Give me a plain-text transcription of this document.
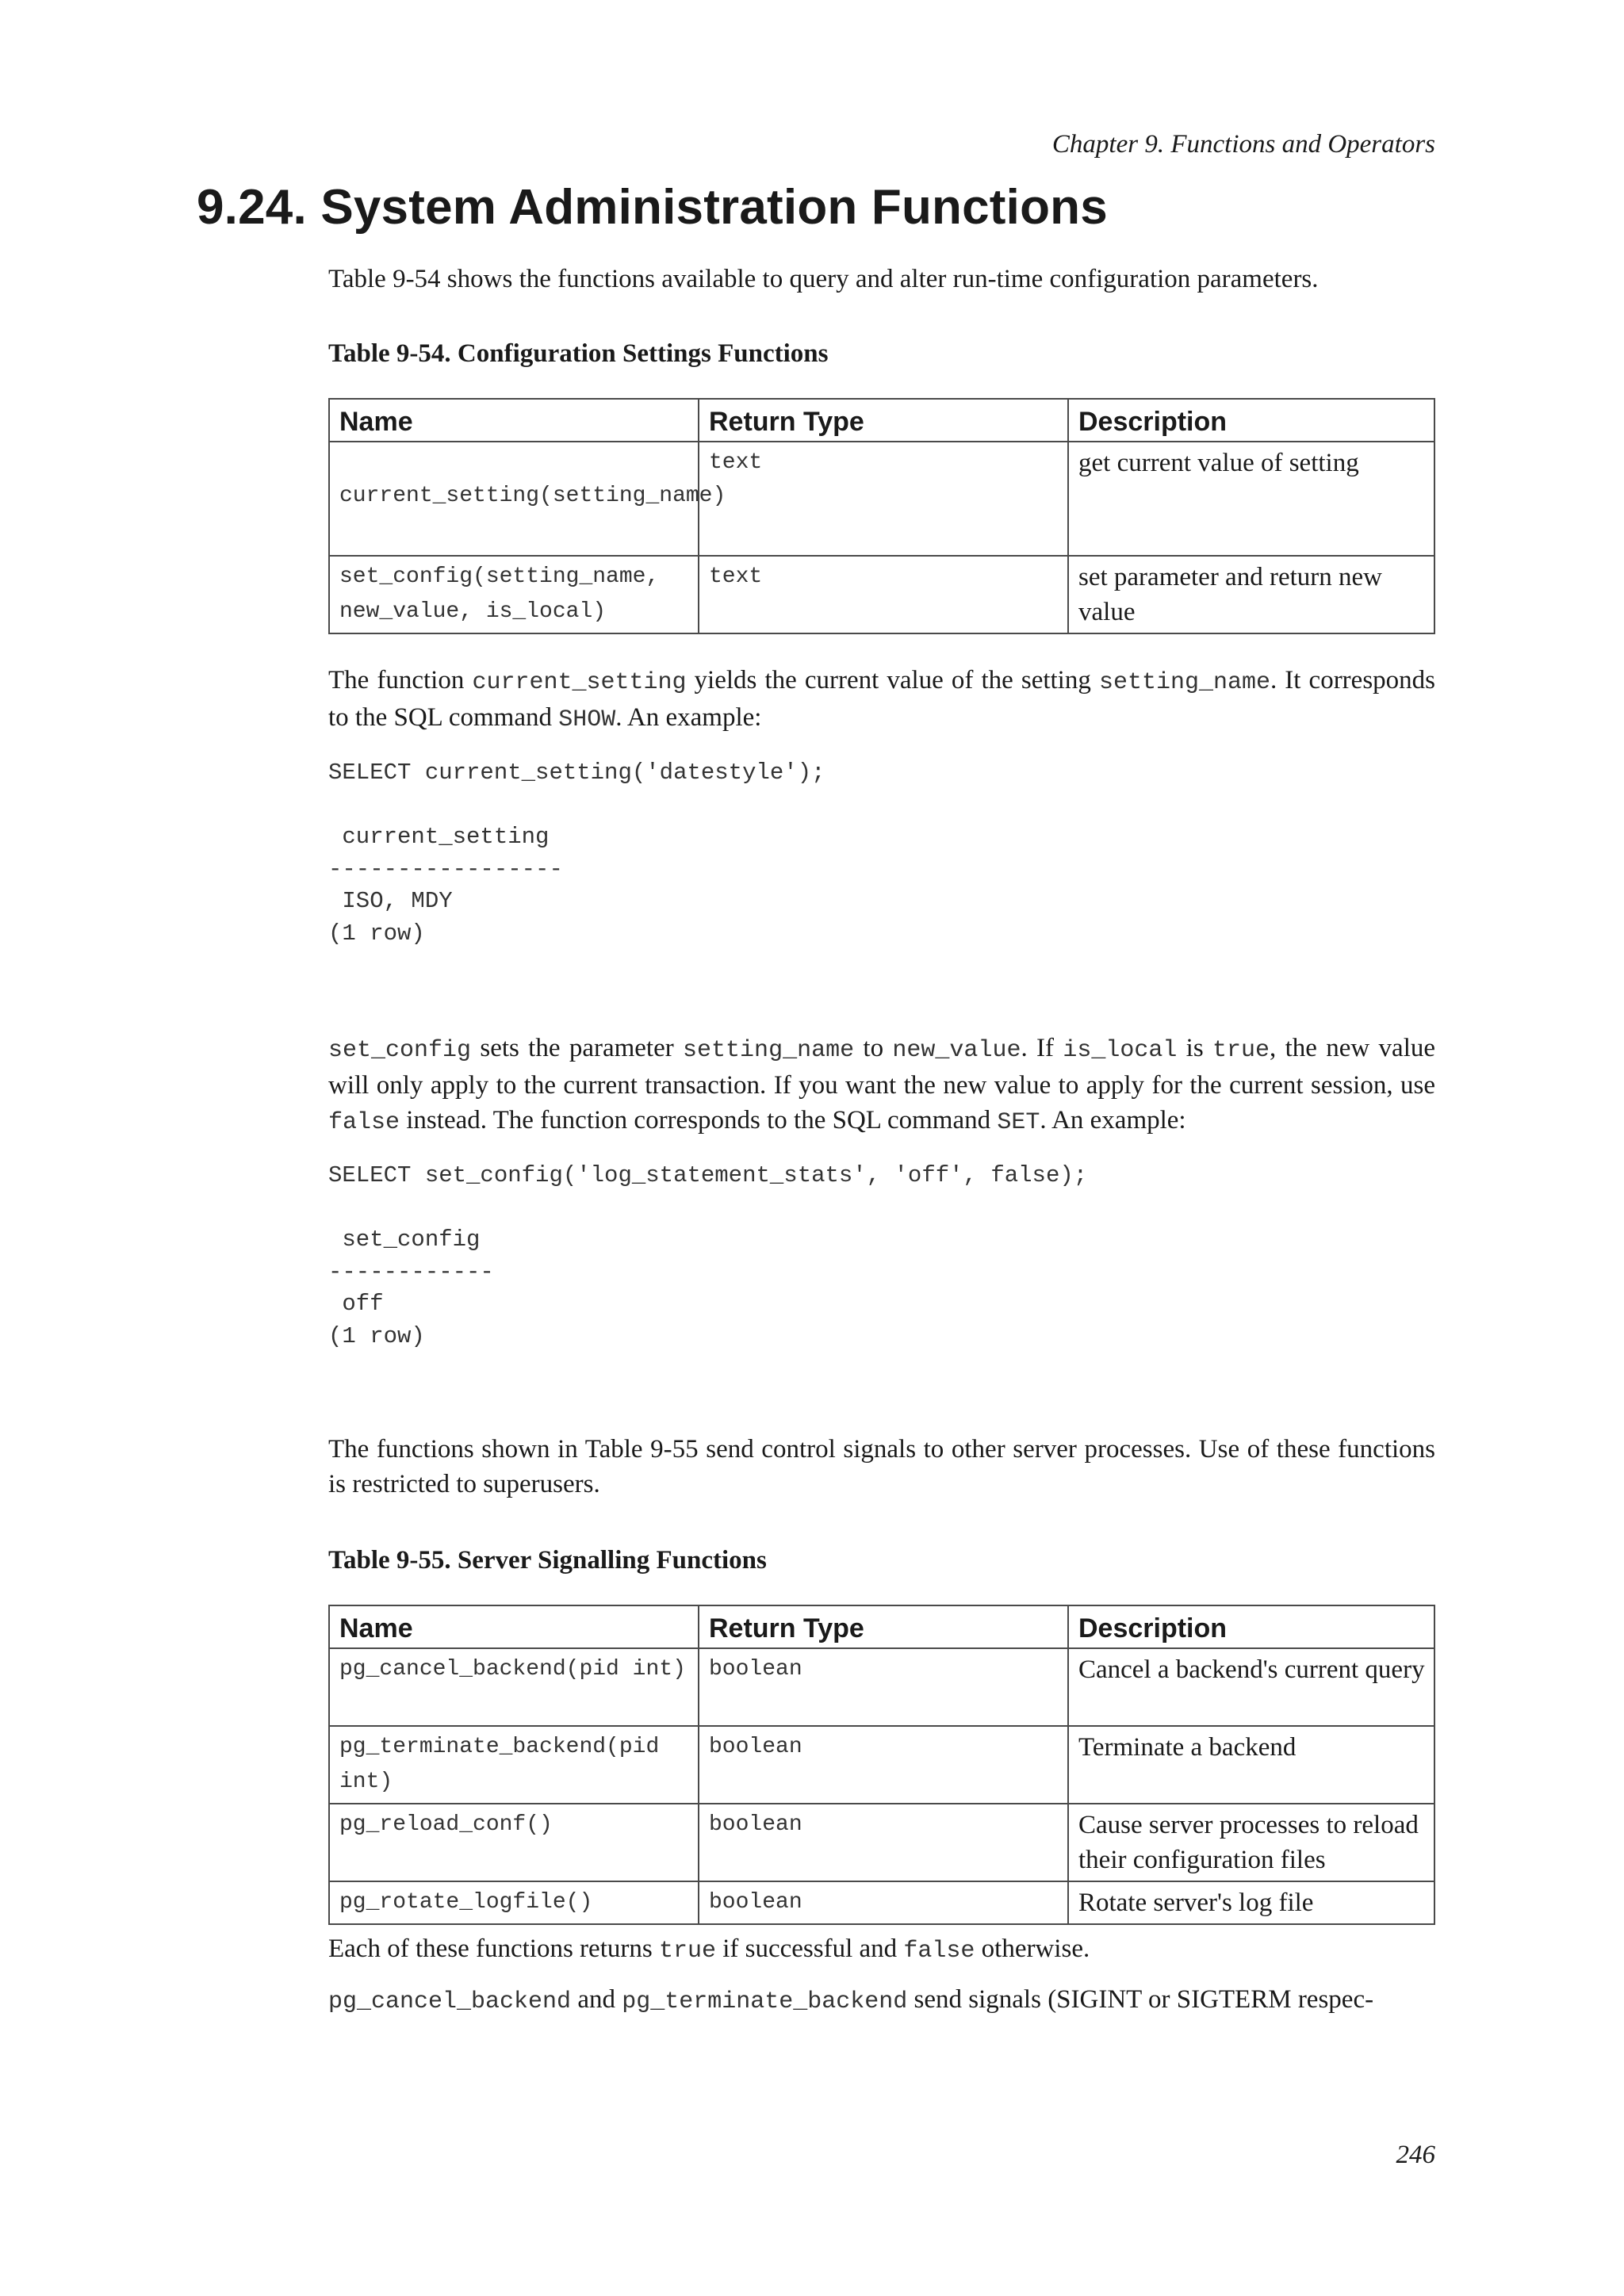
Chapter 9. Functions and Operators

9.24. System Administration Functions

Table 9-54 shows the functions available to query and alter run-time configuration parameters.

Table 9-54. Configuration Settings Functions

Name	Return Type	Description
current_setting(setting_name)	text	get current value of setting
set_config(setting_name, new_value, is_local)	text	set parameter and return new value

The function current_setting yields the current value of the setting setting_name. It corresponds to the SQL command SHOW. An example:

SELECT current_setting('datestyle');

current_setting
-----------------
ISO, MDY
(1 row)

set_config sets the parameter setting_name to new_value. If is_local is true, the new value will only apply to the current transaction. If you want the new value to apply for the current session, use false instead. The function corresponds to the SQL command SET. An example:

SELECT set_config('log_statement_stats', 'off', false);

set_config
------------
off
(1 row)

The functions shown in Table 9-55 send control signals to other server processes. Use of these functions is restricted to superusers.

Table 9-55. Server Signalling Functions

Name	Return Type	Description
pg_cancel_backend(pid int)	boolean	Cancel a backend's current query
pg_terminate_backend(pid int)	boolean	Terminate a backend
pg_reload_conf()	boolean	Cause server processes to reload their configuration files
pg_rotate_logfile()	boolean	Rotate server's log file

Each of these functions returns true if successful and false otherwise.

pg_cancel_backend and pg_terminate_backend send signals (SIGINT or SIGTERM respec-

246
